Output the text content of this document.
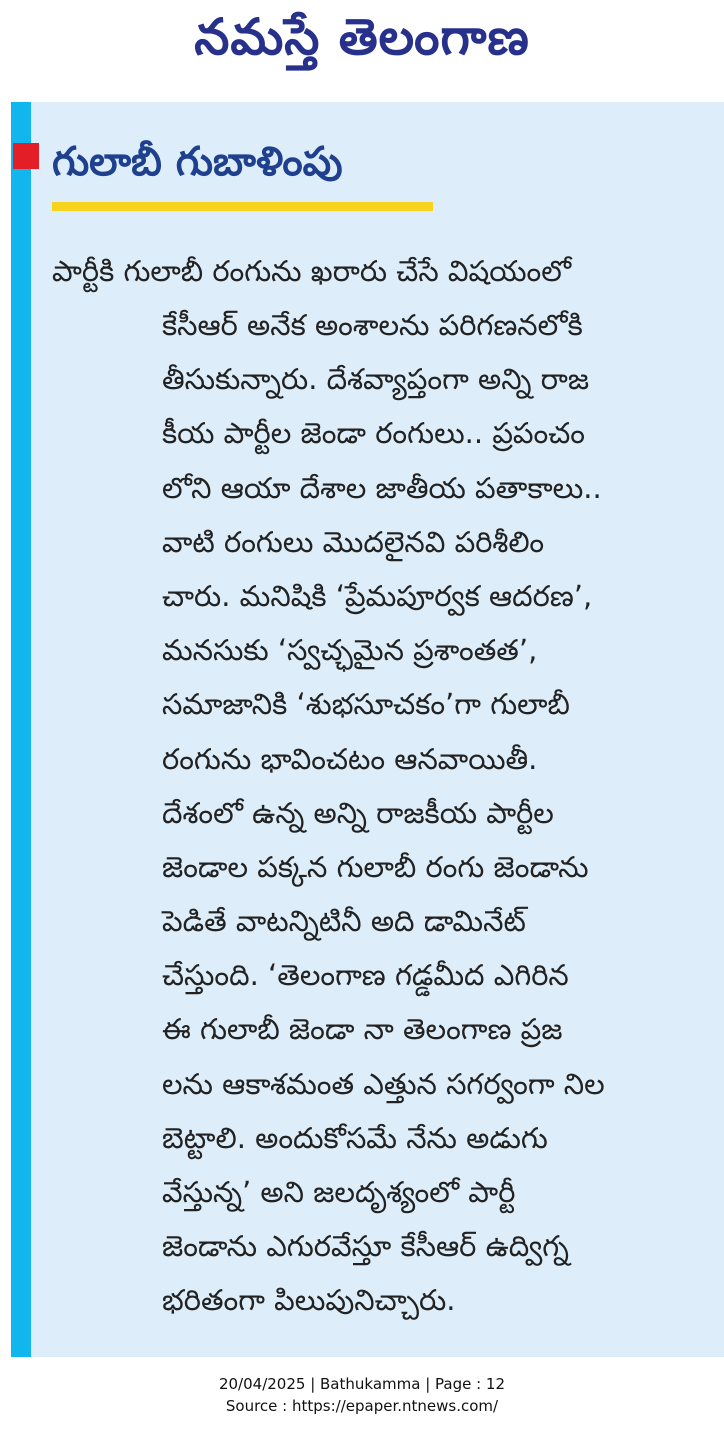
నమస్తే తెలంగాణ
గులాబీ గుబాళింపు
పార్టీకి గులాబీ రంగును ఖరారు చేసే విషయంలో
కేసీఆర్ అనేక అంశాలను పరిగణనలోకి
తీసుకున్నారు. దేశవ్యాప్తంగా అన్ని రాజ
కీయ పార్టీల జెండా రంగులు.. ప్రపంచం
లోని ఆయా దేశాల జాతీయ పతాకాలు..
వాటి రంగులు మొదలైనవి పరిశీలిం
చారు. మనిషికి ‘ప్రేమపూర్వక ఆదరణ’,
మనసుకు ‘స్వచ్ఛమైన ప్రశాంతత’,
సమాజానికి ‘శుభసూచకం’గా గులాబీ
రంగును భావించటం ఆనవాయితీ.
దేశంలో ఉన్న అన్ని రాజకీయ పార్టీల
జెండాల పక్కన గులాబీ రంగు జెండాను
పెడితే వాటన్నిటినీ అది డామినేట్
చేస్తుంది. ‘తెలంగాణ గడ్డమీద ఎగిరిన
ఈ గులాబీ జెండా నా తెలంగాణ ప్రజ
లను ఆకాశమంత ఎత్తున సగర్వంగా నిల
బెట్టాలి. అందుకోసమే నేను అడుగు
వేస్తున్న’ అని జలదృశ్యంలో పార్టీ
జెండాను ఎగురవేస్తూ కేసీఆర్ ఉద్విగ్న
భరితంగా పిలుపునిచ్చారు.
20/04/2025 | Bathukamma | Page : 12
Source : https://epaper.ntnews.com/
